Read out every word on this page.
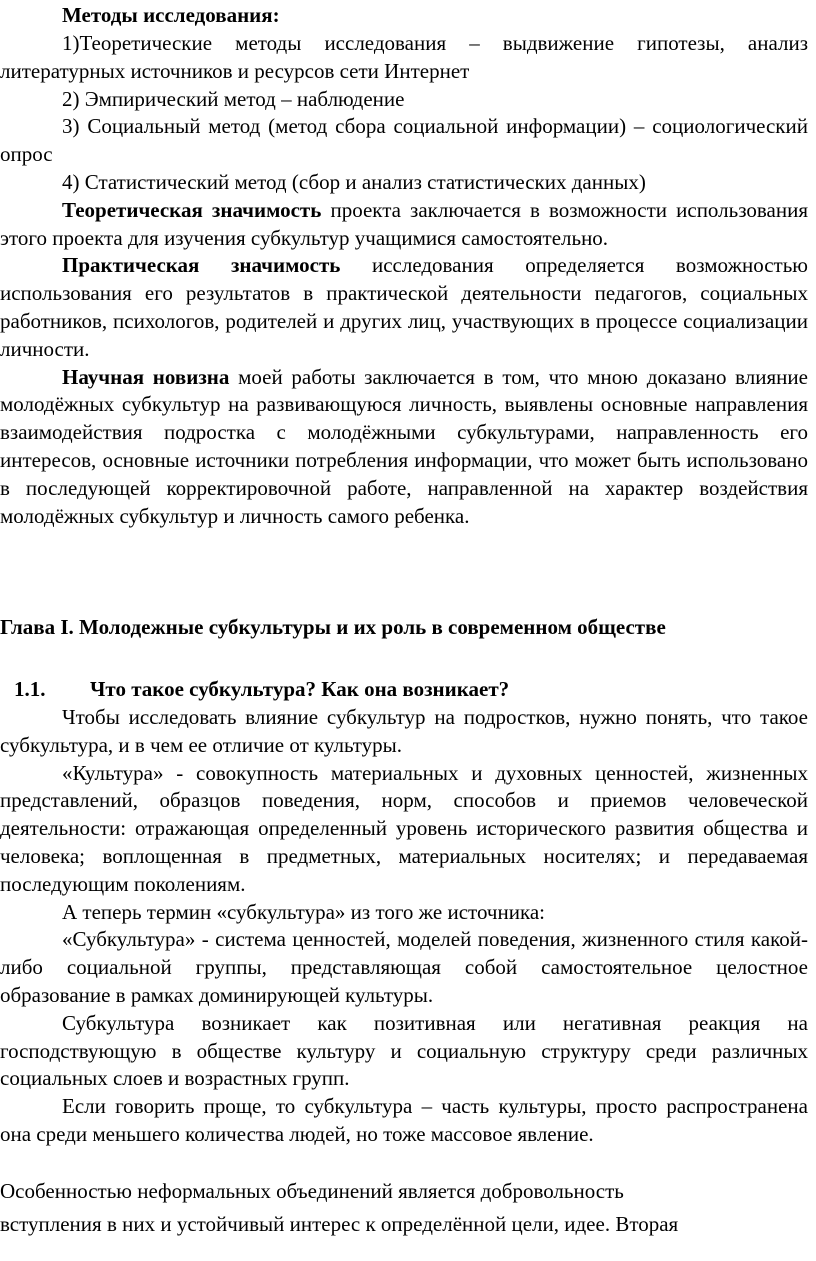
Методы исследования:

1)Теоретические методы исследования – выдвижение гипотезы, анализ литературных источников и ресурсов сети Интернет

2) Эмпирический метод – наблюдение

3) Социальный метод (метод сбора социальной информации) – социологический опрос

4) Статистический метод (сбор и анализ статистических данных)

Теоретическая значимость проекта заключается в возможности использования этого проекта для изучения субкультур учащимися самостоятельно.

Практическая значимость исследования определяется возможностью использования его результатов в практической деятельности педагогов, социальных работников, психологов, родителей и других лиц, участвующих в процессе социализации личности.

Научная новизна моей работы заключается в том, что мною доказано влияние молодёжных субкультур на развивающуюся личность, выявлены основные направления взаимодействия подростка с молодёжными субкультурами, направленность его интересов, основные источники потребления информации, что может быть использовано в последующей корректировочной работе, направленной на характер воздействия молодёжных субкультур и личность самого ребенка.

Глава I. Молодежные субкультуры и их роль в современном обществе

1.1. Что такое субкультура? Как она возникает?

Чтобы исследовать влияние субкультур на подростков, нужно понять, что такое субкультура, и в чем ее отличие от культуры.

«Культура» - совокупность материальных и духовных ценностей, жизненных представлений, образцов поведения, норм, способов и приемов человеческой деятельности: отражающая определенный уровень исторического развития общества и человека; воплощенная в предметных, материальных носителях; и передаваемая последующим поколениям.

А теперь термин «субкультура» из того же источника:

«Субкультура» - система ценностей, моделей поведения, жизненного стиля какой-либо социальной группы, представляющая собой самостоятельное целостное образование в рамках доминирующей культуры.

Субкультура возникает как позитивная или негативная реакция на господствующую в обществе культуру и социальную структуру среди различных социальных слоев и возрастных групп.

Если говорить проще, то субкультура – часть культуры, просто распространена она среди меньшего количества людей, но тоже массовое явление.

Особенностью неформальных объединений является добровольность

вступления в них и устойчивый интерес к определённой цели, идее. Вторая
